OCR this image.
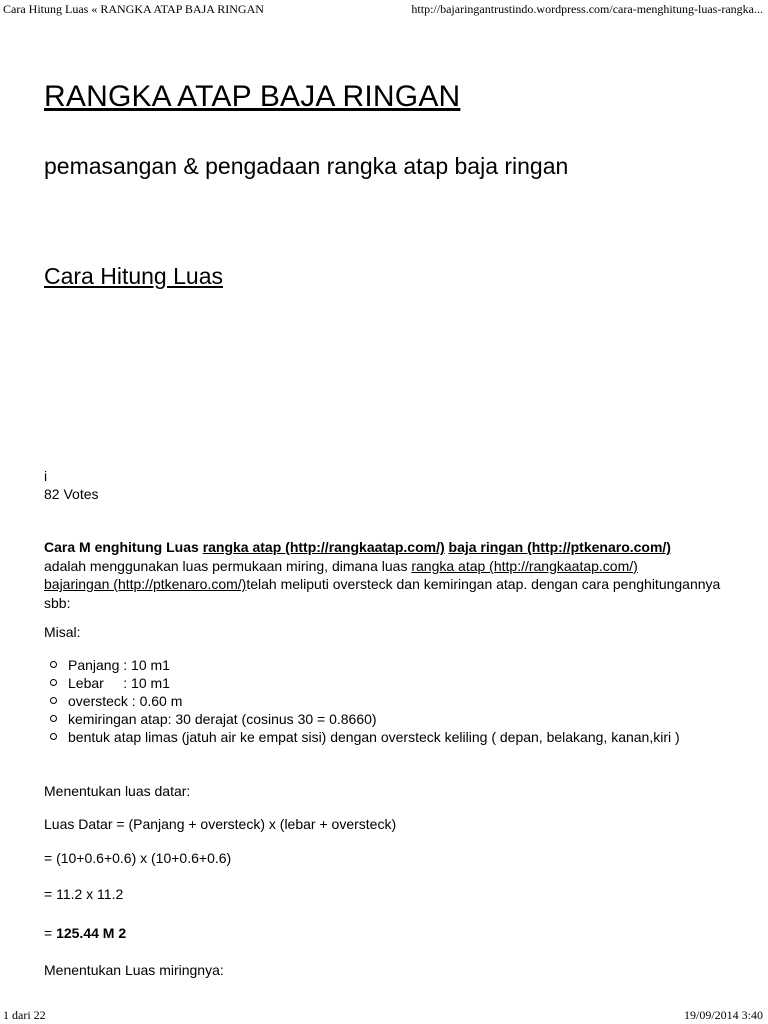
Cara Hitung Luas « RANGKA ATAP BAJA RINGAN	http://bajaringantrustindo.wordpress.com/cara-menghitung-luas-rangka...
RANGKA ATAP BAJA RINGAN
pemasangan & pengadaan rangka atap baja ringan
Cara Hitung Luas
i
82 Votes

Cara M enghitung Luas rangka atap (http://rangkaatap.com/) baja ringan (http://ptkenaro.com/)
adalah menggunakan luas permukaan miring, dimana luas rangka atap (http://rangkaatap.com/)
bajaringan (http://ptkenaro.com/)telah meliputi oversteck dan kemiringan atap. dengan cara penghitungannya sbb:

Misal:
Panjang : 10 m1
Lebar     : 10 m1
oversteck : 0.60 m
kemiringan atap: 30 derajat (cosinus 30 = 0.8660)
bentuk atap limas (jatuh air ke empat sisi) dengan oversteck keliling ( depan, belakang, kanan,kiri )
Menentukan luas datar:
Luas Datar = (Panjang + oversteck) x (lebar + oversteck)
= (10+0.6+0.6) x (10+0.6+0.6)
= 11.2 x 11.2
= 125.44 M 2
Menentukan Luas miringnya:
1 dari 22	19/09/2014 3:40
